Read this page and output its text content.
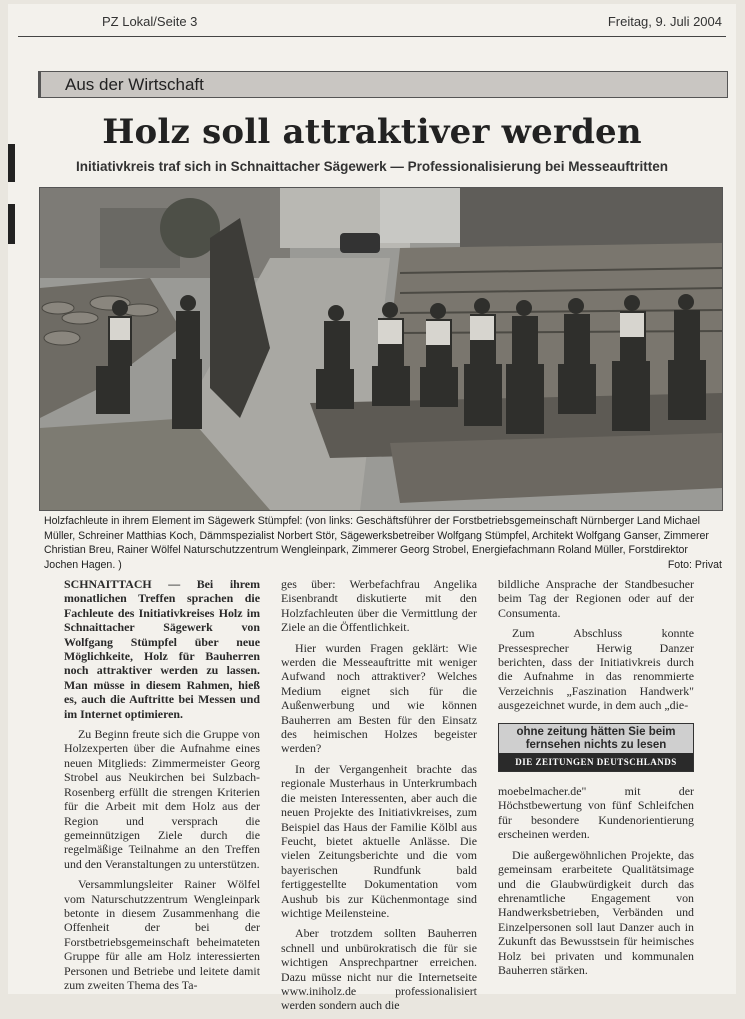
PZ Lokal/Seite 3	Freitag, 9. Juli 2004
Aus der Wirtschaft
Holz soll attraktiver werden
Initiativkreis traf sich in Schnaittacher Sägewerk — Professionalisierung bei Messeauftritten
Holzfachleute in ihrem Element im Sägewerk Stümpfel: (von links: Geschäftsführer der Forstbetriebsgemeinschaft Nürnberger Land Michael Müller, Schreiner Matthias Koch, Dämmspezialist Norbert Stör, Sägewerksbetreiber Wolfgang Stümpfel, Architekt Wolfgang Ganser, Zimmerer Christian Breu, Rainer Wölfel Naturschutzzentrum Wengleinpark, Zimmerer Georg Strobel, Energiefachmann Roland Müller, Forstdirektor Jochen Hagen. )	Foto: Privat

SCHNAITTACH — Bei ihrem monatlichen Treffen sprachen die Fachleute des Initiativkreises Holz im Schnaittacher Sägewerk von Wolfgang Stümpfel über neue Möglichkeite, Holz für Bauherren noch attraktiver werden zu lassen. Man müsse in diesem Rahmen, hieß es, auch die Auftritte bei Messen und im Internet optimieren.

Zu Beginn freute sich die Gruppe von Holzexperten über die Aufnahme eines neuen Mitglieds: Zimmermeister Georg Strobel aus Neukirchen bei Sulzbach-Rosenberg erfüllt die strengen Kriterien für die Arbeit mit dem Holz aus der Region und versprach die gemeinnützigen Ziele durch die regelmäßige Teilnahme an den Treffen und den Veranstaltungen zu unterstützen.

Versammlungsleiter Rainer Wölfel vom Naturschutzzentrum Wengleinpark betonte in diesem Zusammenhang die Offenheit der bei der Forstbetriebsgemeinschaft beheimateten Gruppe für alle am Holz interessierten Personen und Betriebe und leitete damit zum zweiten Thema des Ta-

ges über: Werbefachfrau Angelika Eisenbrandt diskutierte mit den Holzfachleuten über die Vermittlung der Ziele an die Öffentlichkeit.

Hier wurden Fragen geklärt: Wie werden die Messeauftritte mit weniger Aufwand noch attraktiver? Welches Medium eignet sich für die Außenwerbung und wie können Bauherren am Besten für den Einsatz des heimischen Holzes begeister werden?

In der Vergangenheit brachte das regionale Musterhaus in Unterkrumbach die meisten Interessenten, aber auch die neuen Projekte des Initiativkreises, zum Beispiel das Haus der Familie Kölbl aus Feucht, bietet aktuelle Anlässe. Die vielen Zeitungsberichte und die vom bayerischen Rundfunk bald fertiggestellte Dokumentation vom Aushub bis zur Küchenmontage sind wichtige Meilensteine.

Aber trotzdem sollten Bauherren schnell und unbürokratisch die für sie wichtigen Ansprechpartner erreichen. Dazu müsse nicht nur die Internetseite www.iniholz.de professionalisiert werden sondern auch die

bildliche Ansprache der Standbesucher beim Tag der Regionen oder auf der Consumenta.

Zum Abschluss konnte Pressesprecher Herwig Danzer berichten, dass der Initiativkreis durch die Aufnahme in das renommierte Verzeichnis „Faszination Handwerk" ausgezeichnet wurde, in dem auch „die-

ohne zeitung hätten Sie beim fernsehen nichts zu lesen
DIE ZEITUNGEN DEUTSCHLANDS

moebelmacher.de" mit der Höchstbewertung von fünf Schleifchen für besondere Kundenorientierung erscheinen werden.

Die außergewöhnlichen Projekte, das gemeinsam erarbeitete Qualitätsimage und die Glaubwürdigkeit durch das ehrenamtliche Engagement von Handwerksbetrieben, Verbänden und Einzelpersonen soll laut Danzer auch in Zukunft das Bewusstsein für heimisches Holz bei privaten und kommunalen Bauherren stärken.
